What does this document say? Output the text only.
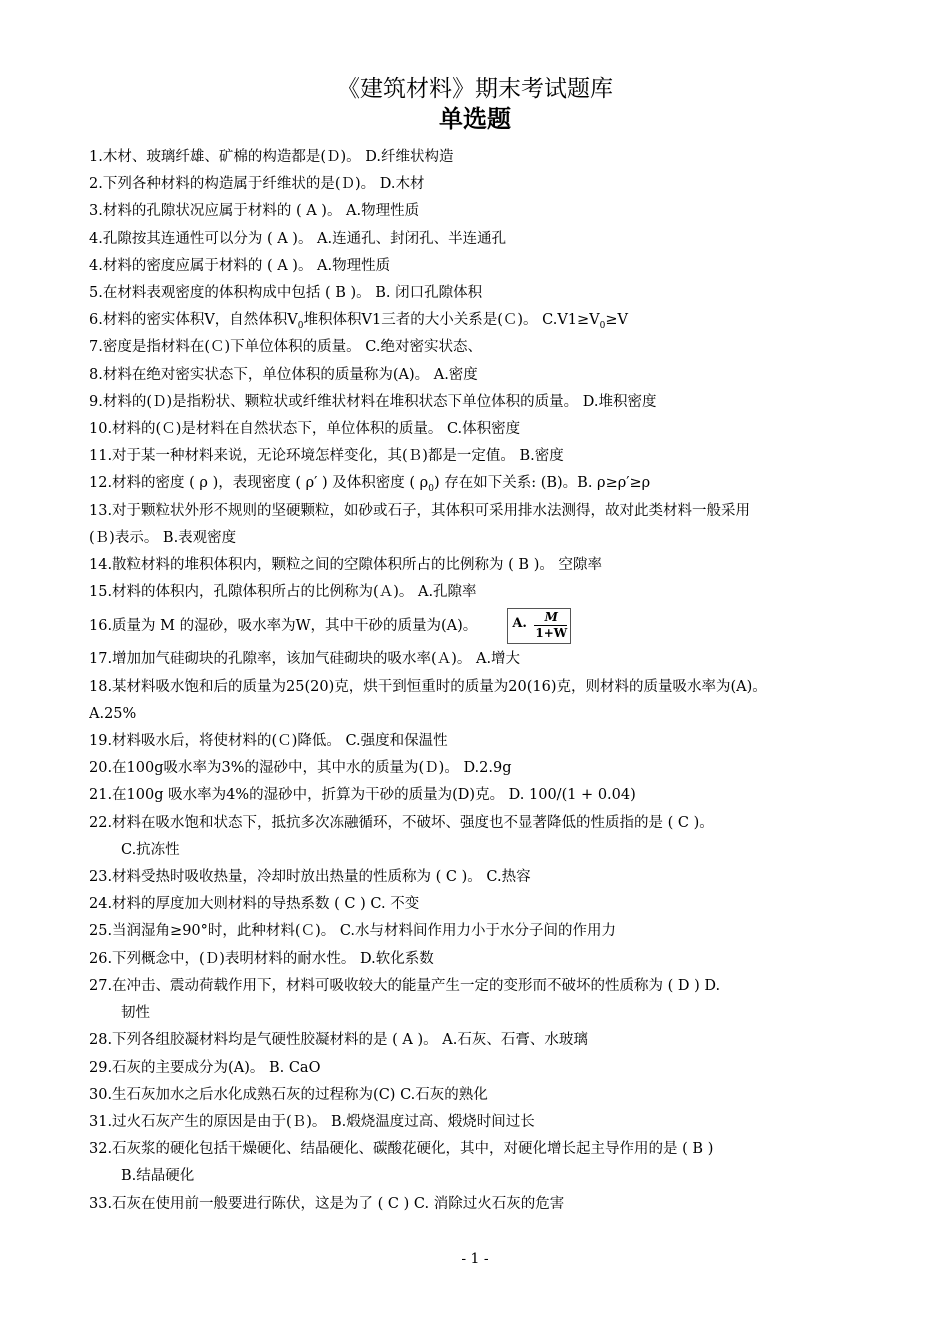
《建筑材料》期末考试题库
单选题
1.木材、玻璃纤雄、矿棉的构造都是(Ｄ)。 D.纤维状构造
2.下列各种材料的构造属于纤维状的是(Ｄ)。 D.木材
3.材料的孔隙状况应属于材料的 ( A )。 A.物理性质
4.孔隙按其连通性可以分为 ( A )。 A.连通孔、封闭孔、半连通孔
4.材料的密度应属于材料的 ( A )。 A.物理性质
5.在材料表观密度的体积构成中包括 ( B )。 B. 闭口孔隙体积
6.材料的密实体积V，自然体积$V_0$堆积体积V1三者的大小关系是(Ｃ)。 $C.V1\ge V_0\ge V$
7.密度是指材料在(Ｃ)下单位体积的质量。 C.绝对密实状态、
8.材料在绝对密实状态下，单位体积的质量称为(A)。 A.密度
9.材料的(Ｄ)是指粉状、颗粒状或纤维状材料在堆积状态下单位体积的质量。 D.堆积密度
10.材料的(Ｃ)是材料在自然状态下，单位体积的质量。 C.体积密度
11.对于某一种材料来说，无论环境怎样变化，其(Ｂ)都是一定值。 B.密度
12.材料的密度 ( ρ )，表现密度 ( ρ′ ) 及体积密度 ( $\rho_0$) 存在如下关系: (B)。B. ρ≥ρ′≥ρ
13.对于颗粒状外形不规则的坚硬颗粒，如砂或石子，其体积可采用排水法测得，故对此类材料一般采用
(Ｂ)表示。 B.表观密度
14.散粒材料的堆积体积内，颗粒之间的空隙体积所占的比例称为 ( B )。 空隙率
15.材料的体积内，孔隙体积所占的比例称为(Ａ)。 A.孔隙率
16.质量为 M 的湿砂，吸水率为W，其中干砂的质量为(A)。	A.	M
1+W
17.增加加气硅砌块的孔隙率，该加气硅砌块的吸水率(Ａ)。 A.增大
18.某材料吸水饱和后的质量为25(20)克，烘干到恒重时的质量为20(16)克，则材料的质量吸水率为(A)。
A.25%
19.材料吸水后，将使材料的(Ｃ)降低。 C.强度和保温性
20.在100g吸水率为3%的湿砂中，其中水的质量为(Ｄ)。 D.2.9g
21.在100g 吸水率为4%的湿砂中，折算为干砂的质量为(D)克。 D. 100/(1 + 0.04)
22.材料在吸水饱和状态下，抵抗多次冻融循环，不破坏、强度也不显著降低的性质指的是 ( C )。
C.抗冻性
23.材料受热时吸收热量，冷却时放出热量的性质称为 ( C )。 C.热容
24.材料的厚度加大则材料的导热系数 ( C ) C. 不变
25.当润湿角≥90°时，此种材料(Ｃ)。 C.水与材料间作用力小于水分子间的作用力
26.下列概念中，(Ｄ)表明材料的耐水性。 D.软化系数
27.在冲击、震动荷载作用下，材料可吸收较大的能量产生一定的变形而不破坏的性质称为 ( D ) D.
韧性
28.下列各组胶凝材料均是气硬性胶凝材料的是 ( A )。 A.石灰、石膏、水玻璃
29.石灰的主要成分为(A)。 B. CaO
30.生石灰加水之后水化成熟石灰的过程称为(C) C.石灰的熟化
31.过火石灰产生的原因是由于(Ｂ)。 B.煅烧温度过高、煅烧时间过长
32.石灰浆的硬化包括干燥硬化、结晶硬化、碳酸花硬化，其中，对硬化增长起主导作用的是 ( B )
B.结晶硬化
33.石灰在使用前一般要进行陈伏，这是为了 ( C ) C. 消除过火石灰的危害
- 1 -
